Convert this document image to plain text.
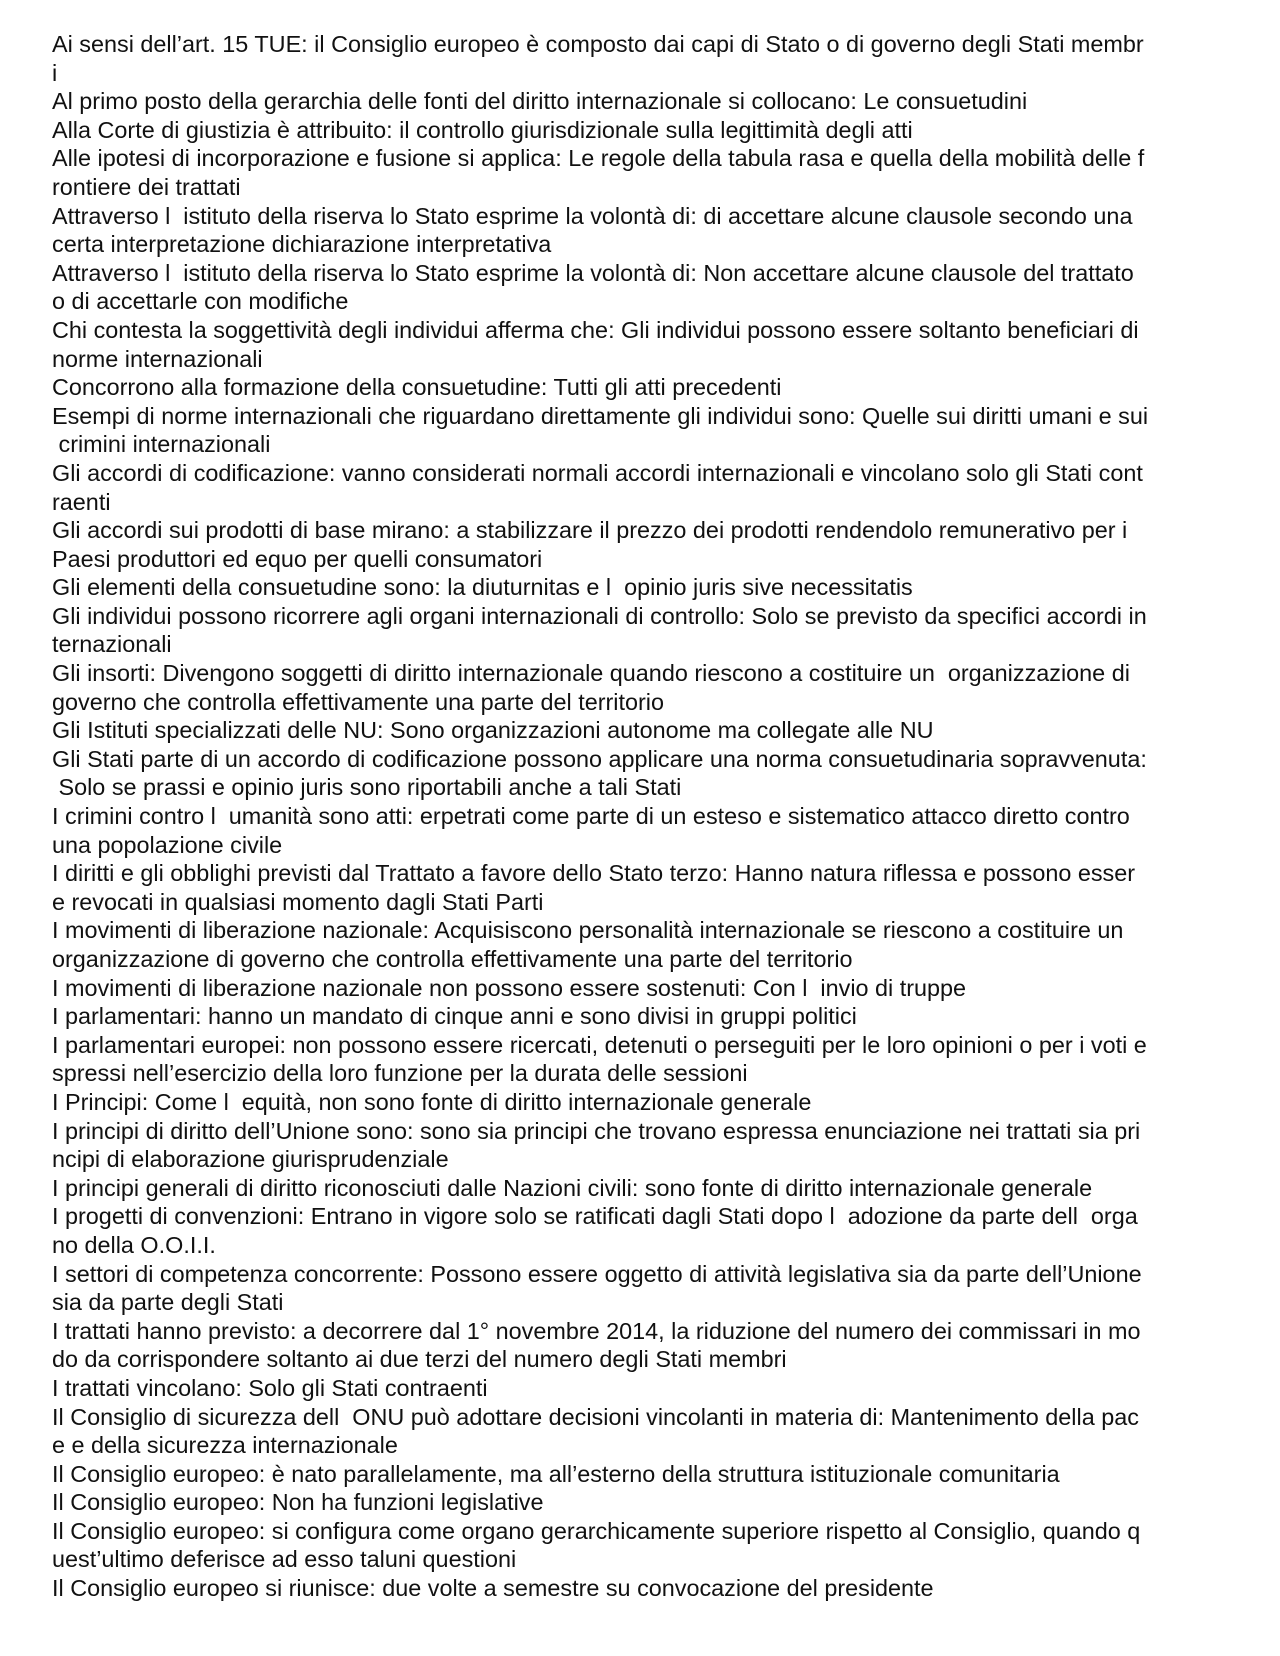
Ai sensi dell’art. 15 TUE: il Consiglio europeo è composto dai capi di Stato o di governo degli Stati membr
i
Al primo posto della gerarchia delle fonti del diritto internazionale si collocano: Le consuetudini
Alla Corte di giustizia è attribuito: il controllo giurisdizionale sulla legittimità degli atti
Alle ipotesi di incorporazione e fusione si applica: Le regole della tabula rasa e quella della mobilità delle f
rontiere dei trattati
Attraverso l  istituto della riserva lo Stato esprime la volontà di: di accettare alcune clausole secondo una
certa interpretazione dichiarazione interpretativa
Attraverso l  istituto della riserva lo Stato esprime la volontà di: Non accettare alcune clausole del trattato
o di accettarle con modifiche
Chi contesta la soggettività degli individui afferma che: Gli individui possono essere soltanto beneficiari di
norme internazionali
Concorrono alla formazione della consuetudine: Tutti gli atti precedenti
Esempi di norme internazionali che riguardano direttamente gli individui sono: Quelle sui diritti umani e sui
crimini internazionali
Gli accordi di codificazione: vanno considerati normali accordi internazionali e vincolano solo gli Stati cont
raenti
Gli accordi sui prodotti di base mirano: a stabilizzare il prezzo dei prodotti rendendolo remunerativo per i
Paesi produttori ed equo per quelli consumatori
Gli elementi della consuetudine sono: la diuturnitas e l  opinio juris sive necessitatis
Gli individui possono ricorrere agli organi internazionali di controllo: Solo se previsto da specifici accordi in
ternazionali
Gli insorti: Divengono soggetti di diritto internazionale quando riescono a costituire un  organizzazione di
governo che controlla effettivamente una parte del territorio
Gli Istituti specializzati delle NU: Sono organizzazioni autonome ma collegate alle NU
Gli Stati parte di un accordo di codificazione possono applicare una norma consuetudinaria sopravvenuta:
Solo se prassi e opinio juris sono riportabili anche a tali Stati
I crimini contro l  umanità sono atti: erpetrati come parte di un esteso e sistematico attacco diretto contro
una popolazione civile
I diritti e gli obblighi previsti dal Trattato a favore dello Stato terzo: Hanno natura riflessa e possono esser
e revocati in qualsiasi momento dagli Stati Parti
I movimenti di liberazione nazionale: Acquisiscono personalità internazionale se riescono a costituire un
organizzazione di governo che controlla effettivamente una parte del territorio
I movimenti di liberazione nazionale non possono essere sostenuti: Con l  invio di truppe
I parlamentari: hanno un mandato di cinque anni e sono divisi in gruppi politici
I parlamentari europei: non possono essere ricercati, detenuti o perseguiti per le loro opinioni o per i voti e
spressi nell’esercizio della loro funzione per la durata delle sessioni
I Principi: Come l  equità, non sono fonte di diritto internazionale generale
I principi di diritto dell’Unione sono: sono sia principi che trovano espressa enunciazione nei trattati sia pri
ncipi di elaborazione giurisprudenziale
I principi generali di diritto riconosciuti dalle Nazioni civili: sono fonte di diritto internazionale generale
I progetti di convenzioni: Entrano in vigore solo se ratificati dagli Stati dopo l  adozione da parte dell  orga
no della O.O.I.I.
I settori di competenza concorrente: Possono essere oggetto di attività legislativa sia da parte dell’Unione
sia da parte degli Stati
I trattati hanno previsto: a decorrere dal 1° novembre 2014, la riduzione del numero dei commissari in mo
do da corrispondere soltanto ai due terzi del numero degli Stati membri
I trattati vincolano: Solo gli Stati contraenti
Il Consiglio di sicurezza dell  ONU può adottare decisioni vincolanti in materia di: Mantenimento della pac
e e della sicurezza internazionale
Il Consiglio europeo: è nato parallelamente, ma all’esterno della struttura istituzionale comunitaria
Il Consiglio europeo: Non ha funzioni legislative
Il Consiglio europeo: si configura come organo gerarchicamente superiore rispetto al Consiglio, quando q
uest’ultimo deferisce ad esso taluni questioni
Il Consiglio europeo si riunisce: due volte a semestre su convocazione del presidente
